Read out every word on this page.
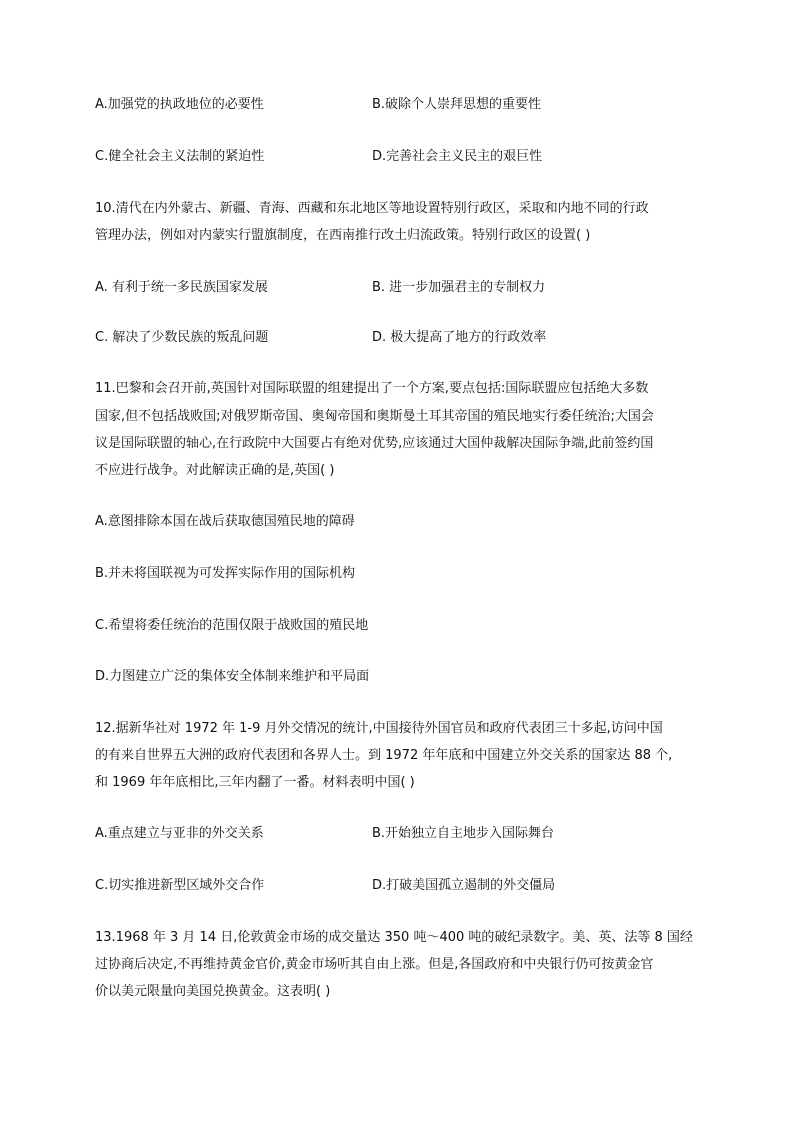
A.加强党的执政地位的必要性	B.破除个人崇拜思想的重要性
C.健全社会主义法制的紧迫性	D.完善社会主义民主的艰巨性
10.清代在内外蒙古、新疆、青海、西藏和东北地区等地设置特别行政区，采取和内地不同的行政
管理办法，例如对内蒙实行盟旗制度，在西南推行改土归流政策。特别行政区的设置( )
A. 有利于统一多民族国家发展	B. 进一步加强君主的专制权力
C. 解决了少数民族的叛乱问题	D. 极大提高了地方的行政效率
11.巴黎和会召开前,英国针对国际联盟的组建提出了一个方案,要点包括:国际联盟应包括绝大多数
国家,但不包括战败国;对俄罗斯帝国、奥匈帝国和奥斯曼土耳其帝国的殖民地实行委任统治;大国会
议是国际联盟的轴心,在行政院中大国要占有绝对优势,应该通过大国仲裁解决国际争端,此前签约国
不应进行战争。对此解读正确的是,英国( )
A.意图排除本国在战后获取德国殖民地的障碍
B.并未将国联视为可发挥实际作用的国际机构
C.希望将委任统治的范围仅限于战败国的殖民地
D.力图建立广泛的集体安全体制来维护和平局面
12.据新华社对 1972 年 1-9 月外交情况的统计,中国接待外国官员和政府代表团三十多起,访问中国
的有来自世界五大洲的政府代表团和各界人士。到 1972 年年底和中国建立外交关系的国家达 88 个,
和 1969 年年底相比,三年内翻了一番。材料表明中国( )
A.重点建立与亚非的外交关系	B.开始独立自主地步入国际舞台
C.切实推进新型区域外交合作	D.打破美国孤立遏制的外交僵局
13.1968 年 3 月 14 日,伦敦黄金市场的成交量达 350 吨～400 吨的破纪录数字。美、英、法等 8 国经
过协商后决定,不再维持黄金官价,黄金市场听其自由上涨。但是,各国政府和中央银行仍可按黄金官
价以美元限量向美国兑换黄金。这表明( )
